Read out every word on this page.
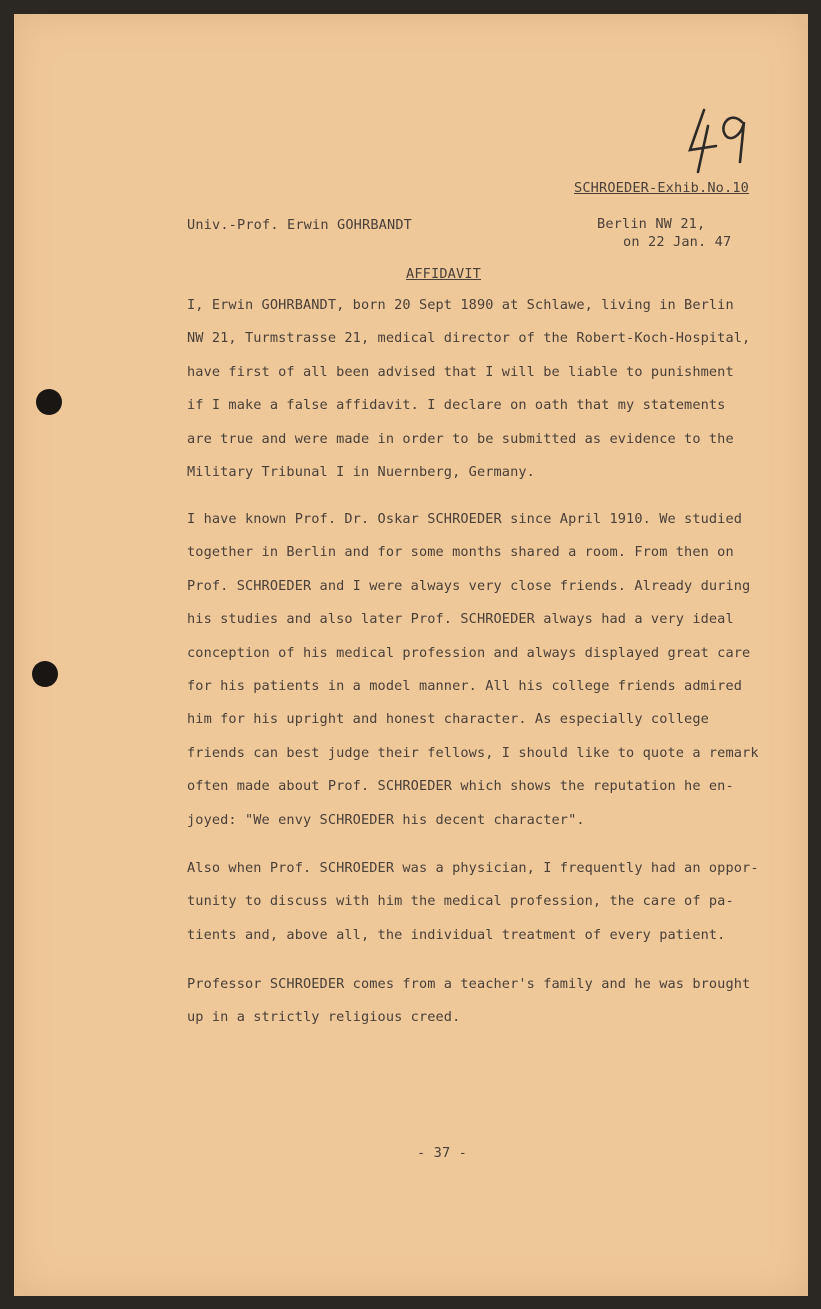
SCHROEDER-Exhib.No.10

Univ.-Prof. Erwin GOHRBANDT	Berlin NW 21,
on 22 Jan. 47

AFFIDAVIT

I, Erwin GOHRBANDT, born 20 Sept 1890 at Schlawe, living in Berlin
NW 21, Turmstrasse 21, medical director of the Robert-Koch-Hospital,
have first of all been advised that I will be liable to punishment
if I make a false affidavit. I declare on oath that my statements
are true and were made in order to be submitted as evidence to the
Military Tribunal I in Nuernberg, Germany.
I have known Prof. Dr. Oskar SCHROEDER since April 1910. We studied
together in Berlin and for some months shared a room. From then on
Prof. SCHROEDER and I were always very close friends. Already during
his studies and also later Prof. SCHROEDER always had a very ideal
conception of his medical profession and always displayed great care
for his patients in a model manner. All his college friends admired
him for his upright and honest character. As especially college
friends can best judge their fellows, I should like to quote a remark
often made about Prof. SCHROEDER which shows the reputation he en-
joyed: "We envy SCHROEDER his decent character".
Also when Prof. SCHROEDER was a physician, I frequently had an oppor-
tunity to discuss with him the medical profession, the care of pa-
tients and, above all, the individual treatment of every patient.
Professor SCHROEDER comes from a teacher's family and he was brought
up in a strictly religious creed.

- 37 -
